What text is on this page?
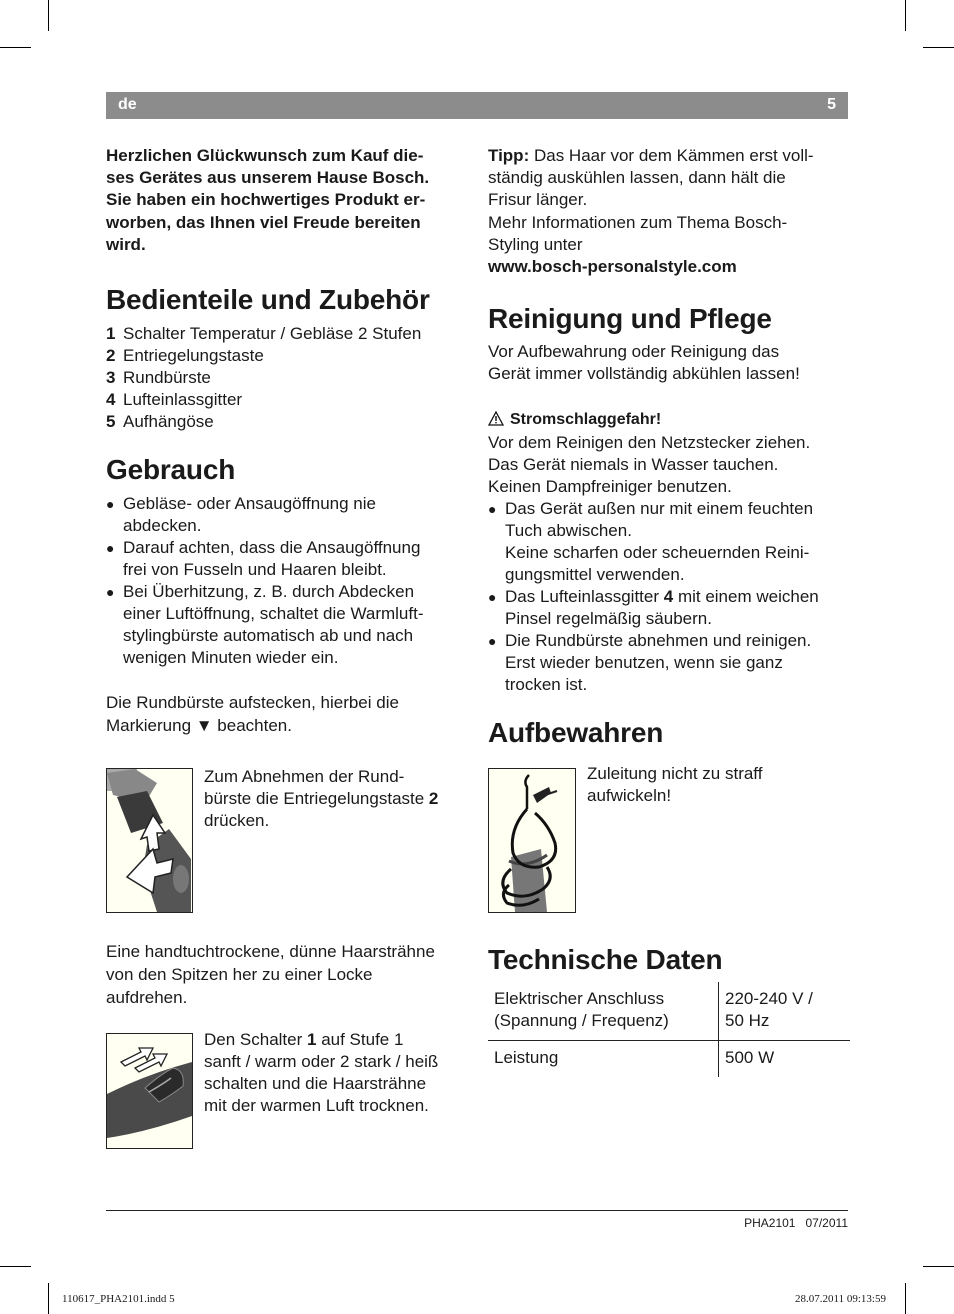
de	5

Herzlichen Glückwunsch zum Kauf die-
ses Gerätes aus unserem Hause Bosch.
Sie haben ein hochwertiges Produkt er-
worben, das Ihnen viel Freude bereiten
wird.

Bedienteile und Zubehör
1 Schalter Temperatur / Gebläse 2 Stufen
2 Entriegelungstaste
3 Rundbürste
4 Lufteinlassgitter
5 Aufhängöse
Gebrauch
● Gebläse- oder Ansaugöffnung nie
abdecken.
● Darauf achten, dass die Ansaugöffnung
frei von Fusseln und Haaren bleibt.
● Bei Überhitzung, z. B. durch Abdecken
einer Luftöffnung, schaltet die Warmluft-
stylingbürste automatisch ab und nach
wenigen Minuten wieder ein.

Die Rundbürste aufstecken, hierbei die
Markierung ▼ beachten.

Zum Abnehmen der Rund-
bürste die Entriegelungstaste 2
drücken.

Eine handtuchtrockene, dünne Haarsträhne
von den Spitzen her zu einer Locke
aufdrehen.

Den Schalter 1 auf Stufe 1
sanft / warm oder 2 stark / heiß
schalten und die Haarsträhne
mit der warmen Luft trocknen.

Tipp: Das Haar vor dem Kämmen erst voll-
ständig auskühlen lassen, dann hält die
Frisur länger.
Mehr Informationen zum Thema Bosch-
Styling unter
www.bosch-personalstyle.com

Reinigung und Pflege

Vor Aufbewahrung oder Reinigung das
Gerät immer vollständig abkühlen lassen!

Stromschlaggefahr!
Vor dem Reinigen den Netzstecker ziehen.
Das Gerät niemals in Wasser tauchen.
Keinen Dampfreiniger benutzen.

● Das Gerät außen nur mit einem feuchten
Tuch abwischen.
Keine scharfen oder scheuernden Reini-
gungsmittel verwenden.
● Das Lufteinlassgitter 4 mit einem weichen
Pinsel regelmäßig säubern.
● Die Rundbürste abnehmen und reinigen.
Erst wieder benutzen, wenn sie ganz
trocken ist.
Aufbewahren
Zuleitung nicht zu straff
aufwickeln!
Technische Daten
Elektrischer Anschluss
(Spannung / Frequenz)	220-240 V /
50 Hz
Leistung	500 W
PHA2101 07/2011
110617_PHA2101.indd 5	28.07.2011 09:13:59
